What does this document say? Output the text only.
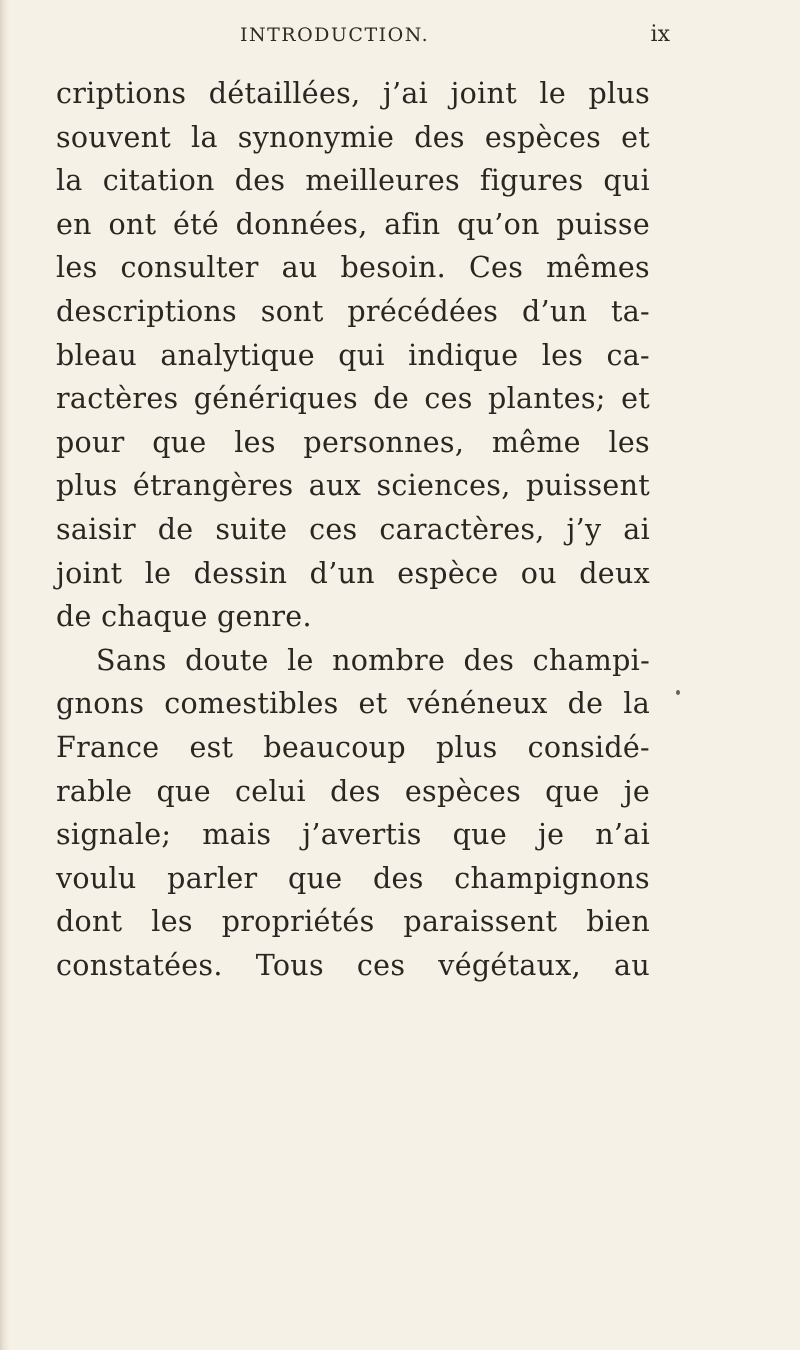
INTRODUCTION.	ix
criptions détaillées, j’ai joint le plus
souvent la synonymie des espèces et
la citation des meilleures figures qui
en ont été données, afin qu’on puisse
les consulter au besoin. Ces mêmes
descriptions sont précédées d’un ta-
bleau analytique qui indique les ca-
ractères génériques de ces plantes; et
pour que les personnes, même les
plus étrangères aux sciences, puissent
saisir de suite ces caractères, j’y ai
joint le dessin d’un espèce ou deux
de chaque genre.
Sans doute le nombre des champi-
gnons comestibles et vénéneux de la
France est beaucoup plus considé-
rable que celui des espèces que je
signale; mais j’avertis que je n’ai
voulu parler que des champignons
dont les propriétés paraissent bien
constatées. Tous ces végétaux, au
